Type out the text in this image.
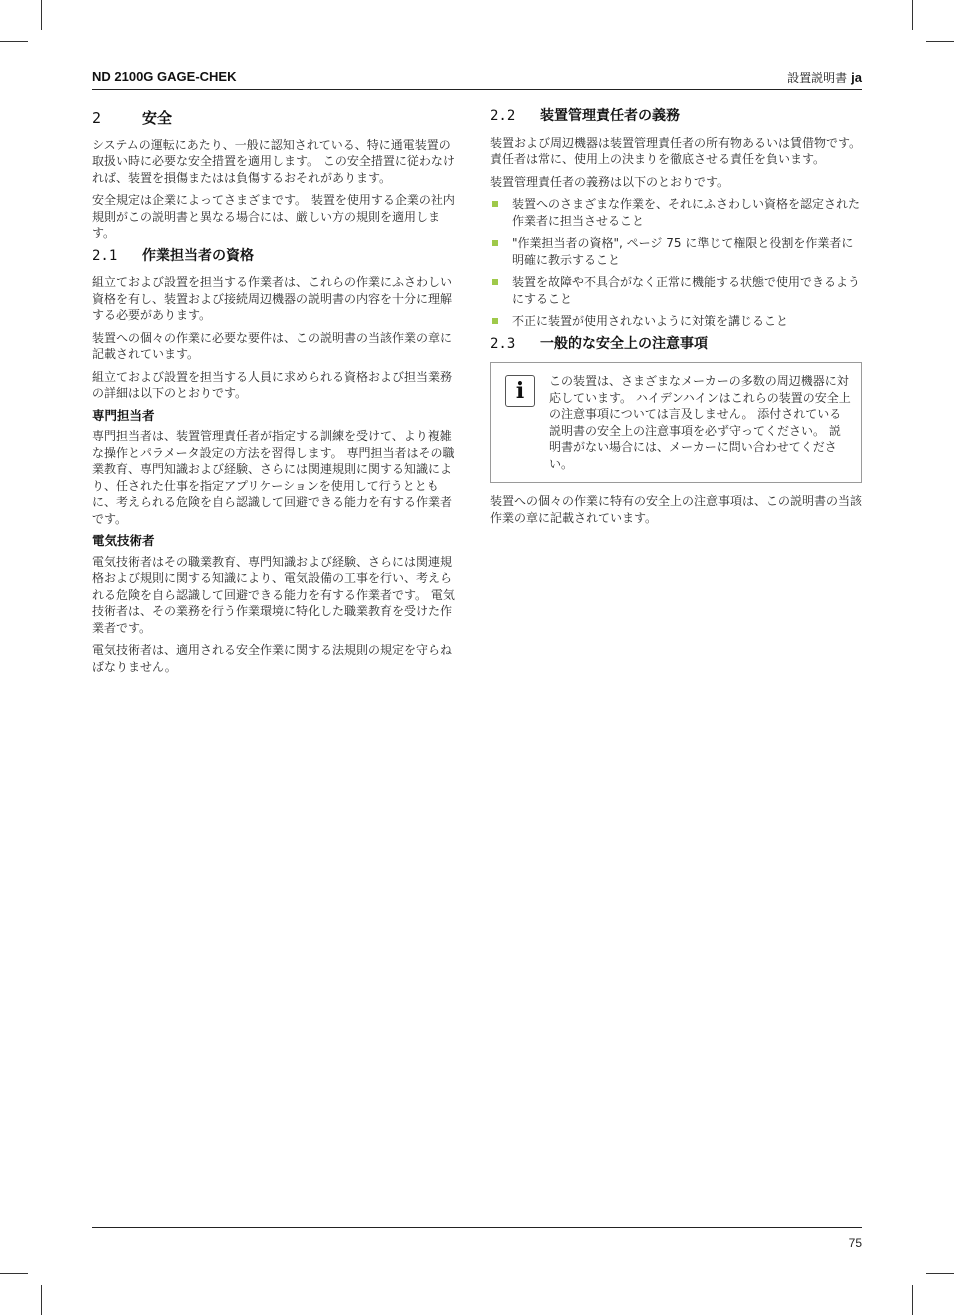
ND 2100G GAGE-CHEK	設置説明書 ja
2	安全

システムの運転にあたり、一般に認知されている、特に通電装置の取扱い時に必要な安全措置を適用します。 この安全措置に従わなければ、装置を損傷またはは負傷するおそれがあります。

安全規定は企業によってさまざまです。 装置を使用する企業の社内規則がこの説明書と異なる場合には、厳しい方の規則を適用します。

2.1	作業担当者の資格

組立ておよび設置を担当する作業者は、これらの作業にふさわしい資格を有し、装置および接続周辺機器の説明書の内容を十分に理解する必要があります。

装置への個々の作業に必要な要件は、この説明書の当該作業の章に記載されています。

組立ておよび設置を担当する人員に求められる資格および担当業務の詳細は以下のとおりです。

専門担当者

専門担当者は、装置管理責任者が指定する訓練を受けて、より複雑な操作とパラメータ設定の方法を習得します。 専門担当者はその職業教育、専門知識および経験、さらには関連規則に関する知識により、任された仕事を指定アプリケーションを使用して行うとともに、考えられる危険を自ら認識して回避できる能力を有する作業者です。

電気技術者

電気技術者はその職業教育、専門知識および経験、さらには関連規格および規則に関する知識により、電気設備の工事を行い、考えられる危険を自ら認識して回避できる能力を有する作業者です。 電気技術者は、その業務を行う作業環境に特化した職業教育を受けた作業者です。

電気技術者は、適用される安全作業に関する法規則の規定を守らねばなりません。

2.2	装置管理責任者の義務

装置および周辺機器は装置管理責任者の所有物あるいは賃借物です。 責任者は常に、使用上の決まりを徹底させる責任を負います。

装置管理責任者の義務は以下のとおりです。

装置へのさまざまな作業を、それにふさわしい資格を認定された作業者に担当させること
"作業担当者の資格", ページ 75 に準じて権限と役割を作業者に明確に教示すること
装置を故障や不具合がなく正常に機能する状態で使用できるようにすること
不正に装置が使用されないように対策を講じること
2.3	一般的な安全上の注意事項
i	この装置は、さまざまなメーカーの多数の周辺機器に対応しています。 ハイデンハインはこれらの装置の安全上の注意事項については言及しません。 添付されている説明書の安全上の注意事項を必ず守ってください。 説明書がない場合には、メーカーに問い合わせてください。

装置への個々の作業に特有の安全上の注意事項は、この説明書の当該作業の章に記載されています。

75
